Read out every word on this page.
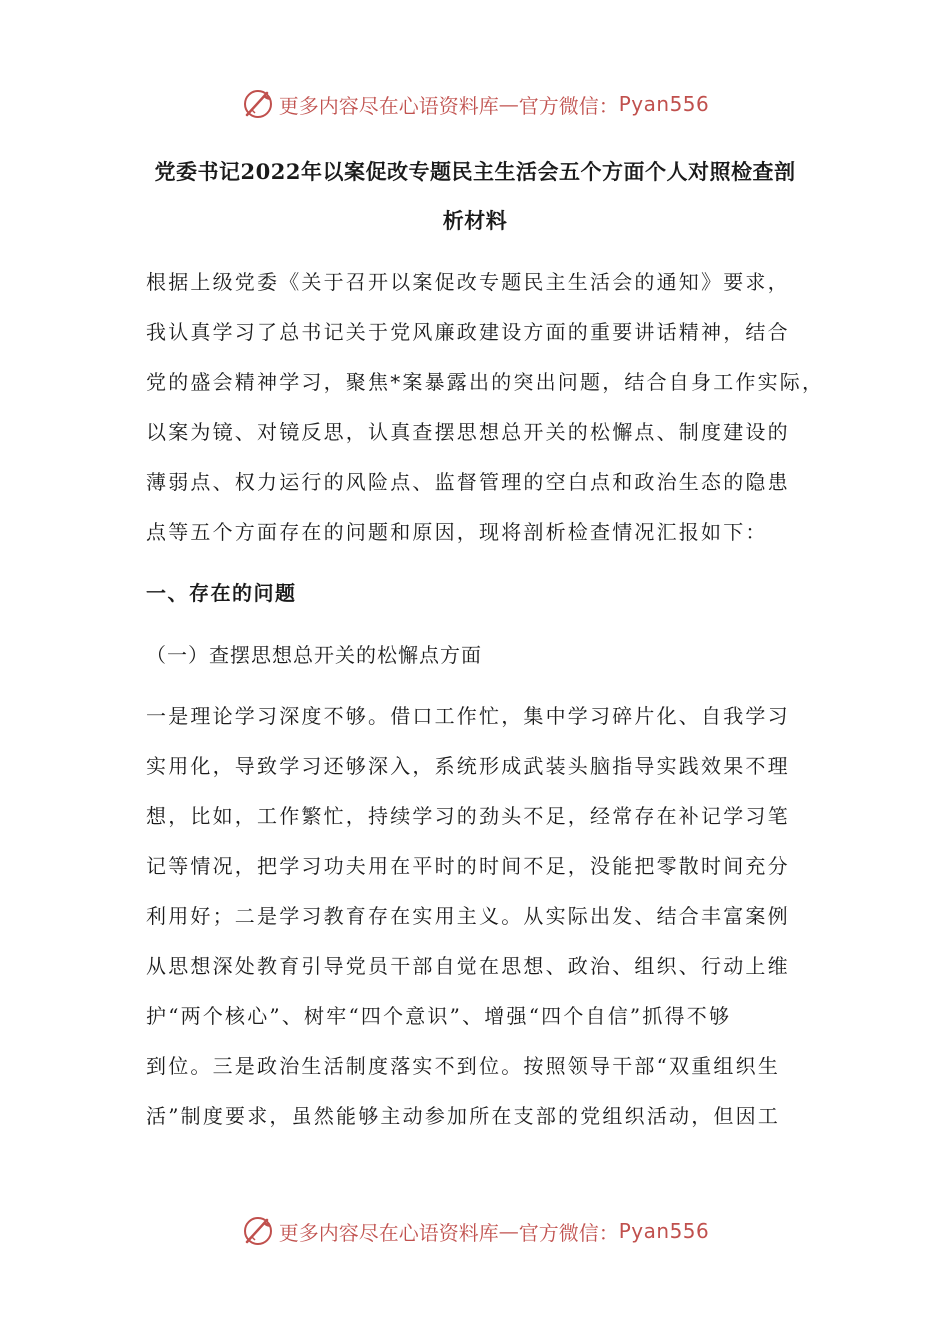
更多内容尽在心语资料库 — 官方微信： Pyan556
党委书记2022年以案促改专题民主生活会五个方面个人对照检查剖
析材料
根据上级党委《关于召开以案促改专题民主生活会的通知》要求，
我认真学习了总书记关于党风廉政建设方面的重要讲话精神，结合
党的盛会精神学习，聚焦*案暴露出的突出问题，结合自身工作实际，
以案为镜、对镜反思，认真查摆思想总开关的松懈点、制度建设的
薄弱点、权力运行的风险点、监督管理的空白点和政治生态的隐患
点等五个方面存在的问题和原因，现将剖析检查情况汇报如下：
一、存在的问题
（一）查摆思想总开关的松懈点方面
一是理论学习深度不够。借口工作忙，集中学习碎片化、自我学习
实用化，导致学习还够深入，系统形成武装头脑指导实践效果不理
想，比如，工作繁忙，持续学习的劲头不足，经常存在补记学习笔
记等情况，把学习功夫用在平时的时间不足，没能把零散时间充分
利用好；二是学习教育存在实用主义。从实际出发、结合丰富案例
从思想深处教育引导党员干部自觉在思想、政治、组织、行动上维
护“两个核心”、树牢“四个意识”、增强“四个自信”抓得不够
到位。三是政治生活制度落实不到位。按照领导干部“双重组织生
活”制度要求，虽然能够主动参加所在支部的党组织活动，但因工
更多内容尽在心语资料库 — 官方微信： Pyan556
